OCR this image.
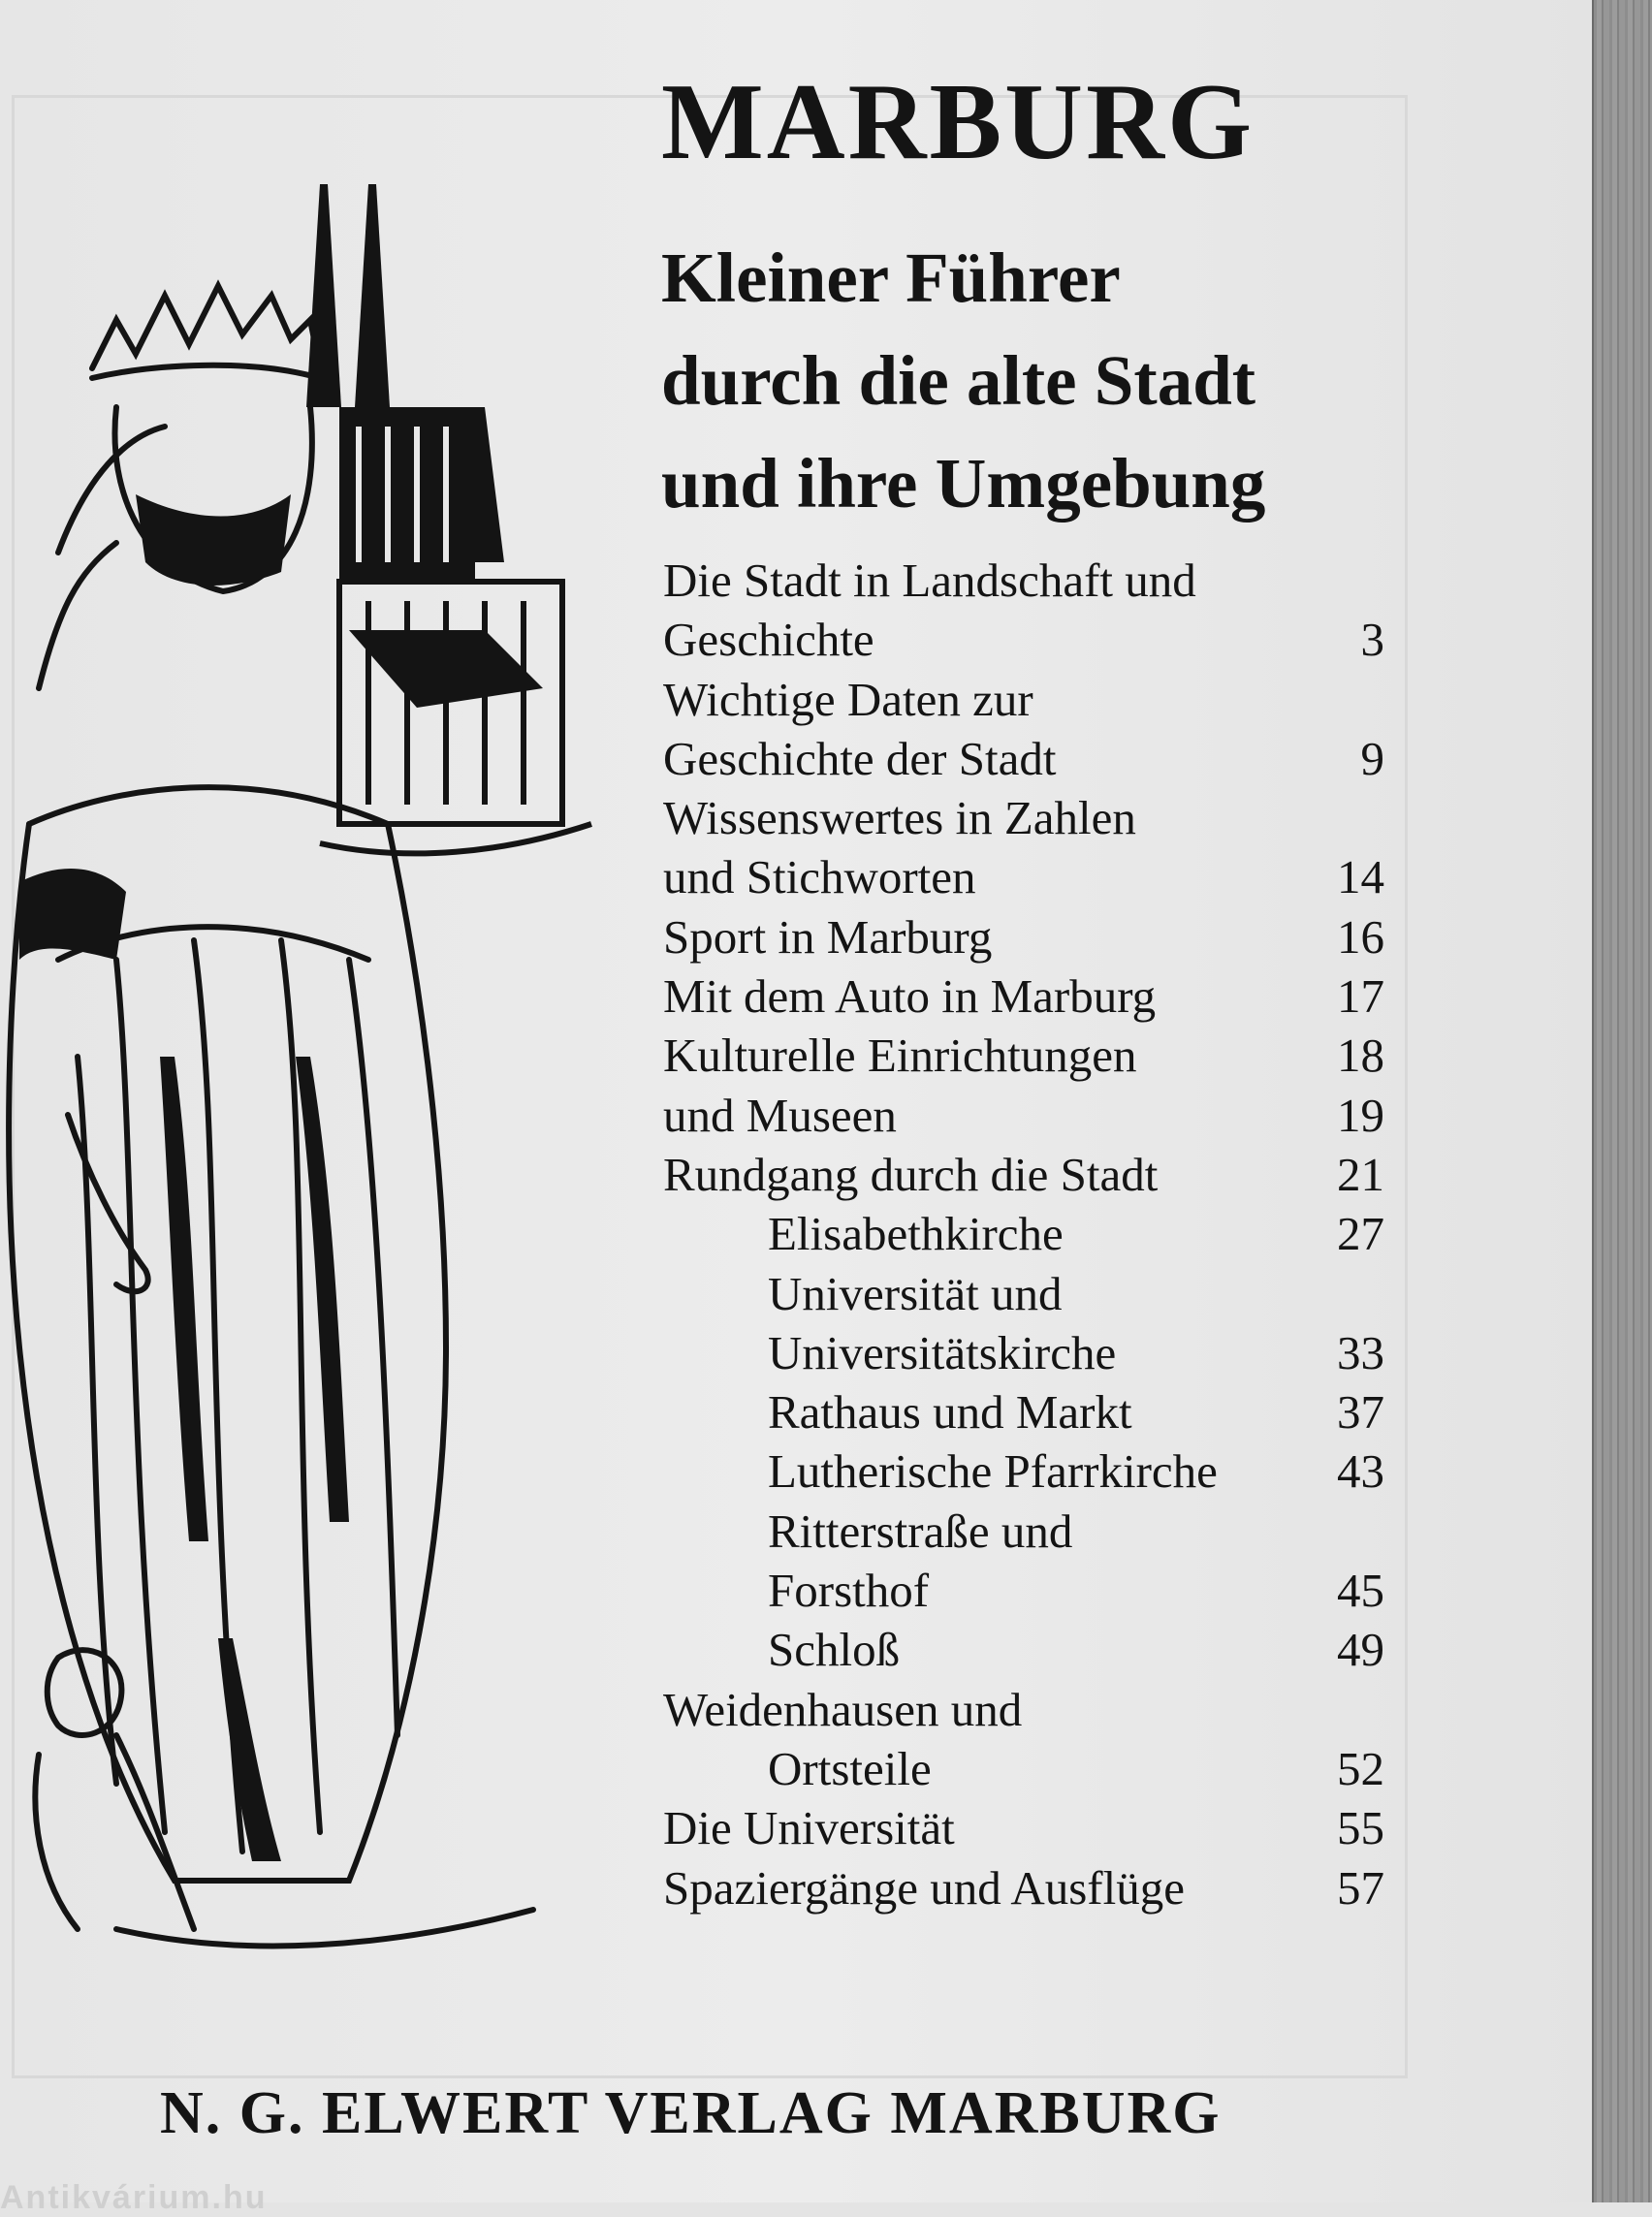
MARBURG
Kleiner Führer
durch die alte Stadt
und ihre Umgebung
Die Stadt in Landschaft und
Geschichte	3
Wichtige Daten zur
Geschichte der Stadt	9
Wissenswertes in Zahlen
und Stichworten	14
Sport in Marburg	16
Mit dem Auto in Marburg	17
Kulturelle Einrichtungen	18
und Museen	19
Rundgang durch die Stadt	21
Elisabethkirche	27
Universität und
Universitätskirche	33
Rathaus und Markt	37
Lutherische Pfarrkirche	43
Ritterstraße und
Forsthof	45
Schloß	49
Weidenhausen und
Ortsteile	52
Die Universität	55
Spaziergänge und Ausflüge	57

N. G. ELWERT VERLAG MARBURG

Antikvárium.hu
